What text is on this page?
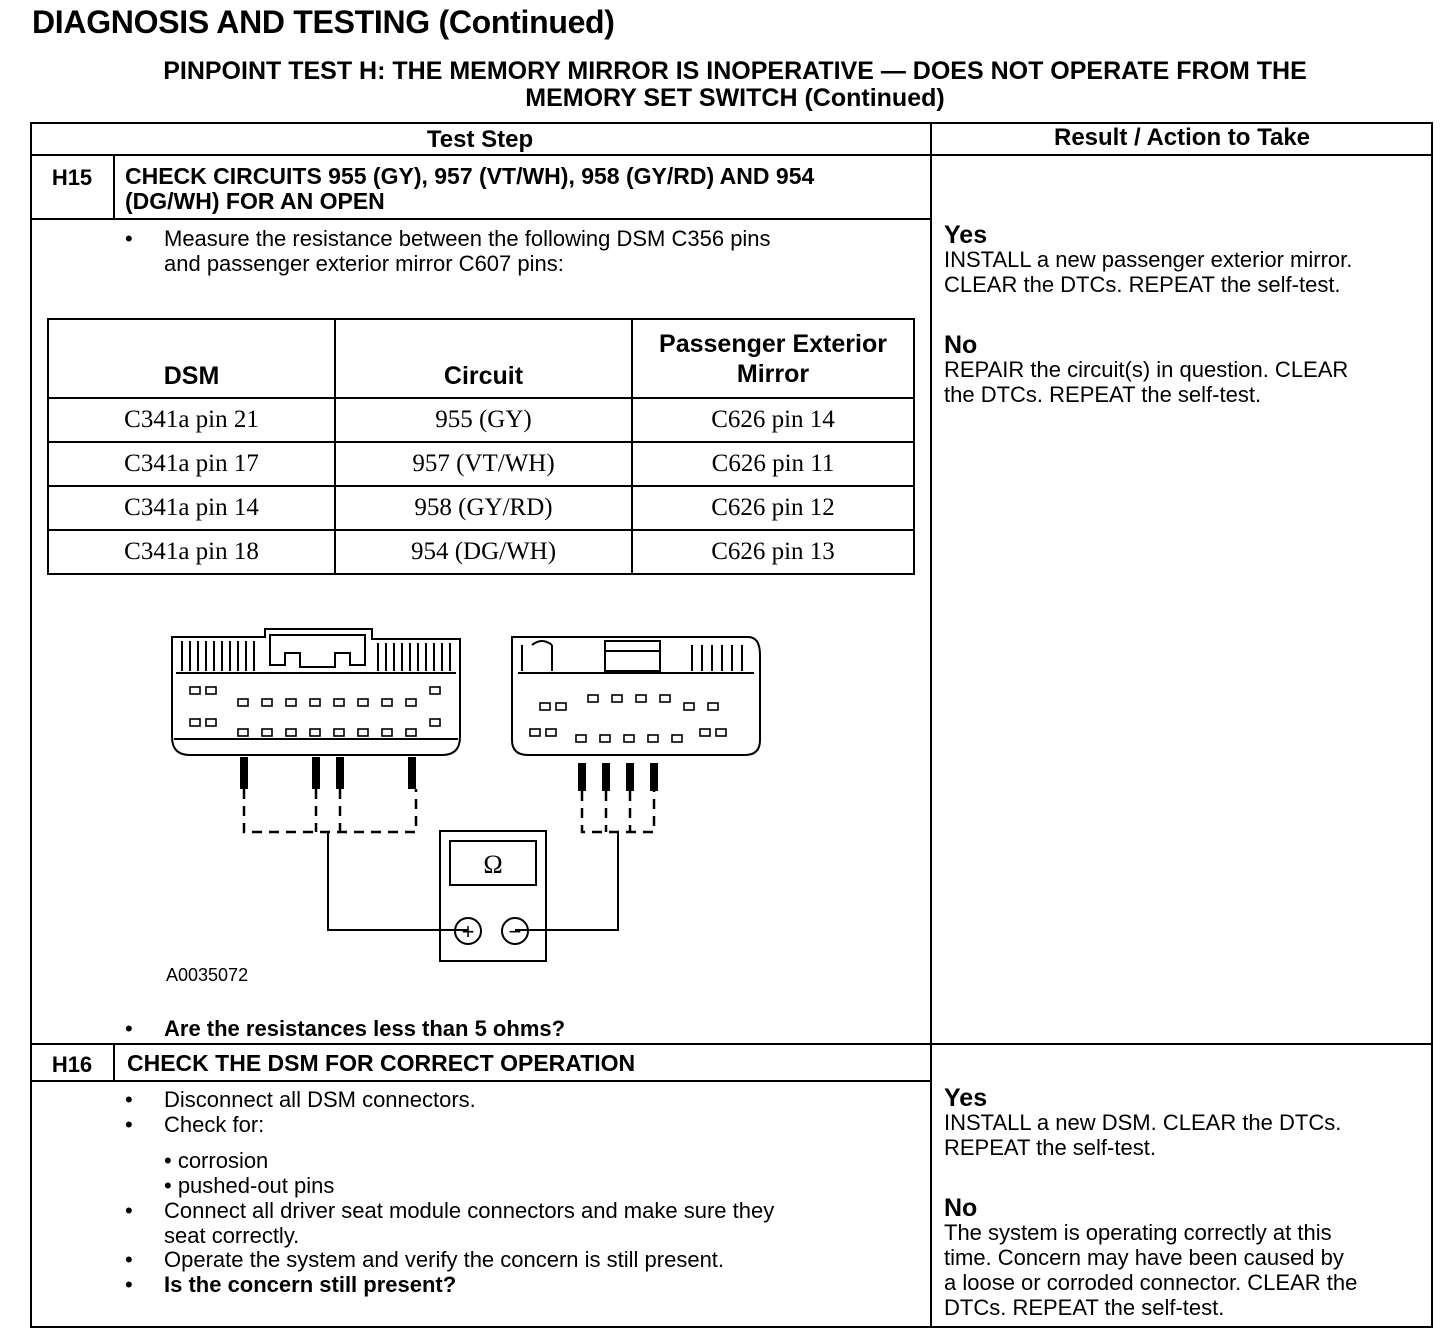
DIAGNOSIS AND TESTING (Continued)
PINPOINT TEST H: THE MEMORY MIRROR IS INOPERATIVE — DOES NOT OPERATE FROM THE
MEMORY SET SWITCH (Continued)
Test Step	Result / Action to Take
H15	CHECK CIRCUITS 955 (GY), 957 (VT/WH), 958 (GY/RD) AND 954
(DG/WH) FOR AN OPEN
• Measure the resistance between the following DSM C356 pins
and passenger exterior mirror C607 pins:
DSM	Circuit	Passenger Exterior
Mirror
C341a pin 21	955 (GY)	C626 pin 14
C341a pin 17	957 (VT/WH)	C626 pin 11
C341a pin 14	958 (GY/RD)	C626 pin 12
C341a pin 18	954 (DG/WH)	C626 pin 13
Ω
+ −
A0035072
• Are the resistances less than 5 ohms?
Yes
INSTALL a new passenger exterior mirror.
CLEAR the DTCs. REPEAT the self-test.
No
REPAIR the circuit(s) in question. CLEAR
the DTCs. REPEAT the self-test.
H16	CHECK THE DSM FOR CORRECT OPERATION
• Disconnect all DSM connectors.
• Check for:
• corrosion
• pushed-out pins
• Connect all driver seat module connectors and make sure they
seat correctly.
• Operate the system and verify the concern is still present.
• Is the concern still present?
Yes
INSTALL a new DSM. CLEAR the DTCs.
REPEAT the self-test.
No
The system is operating correctly at this
time. Concern may have been caused by
a loose or corroded connector. CLEAR the
DTCs. REPEAT the self-test.
